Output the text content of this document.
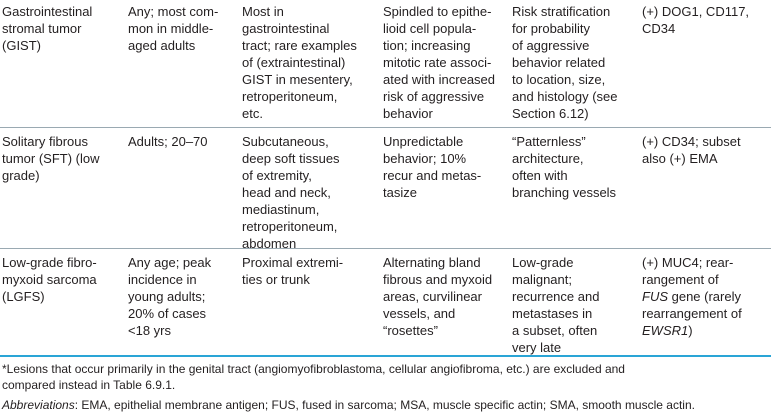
Gastrointestinal
stromal tumor
(GIST)
Any; most com-
mon in middle-
aged adults
Most in
gastrointestinal
tract; rare examples
of (extraintestinal)
GIST in mesentery,
retroperitoneum,
etc.
Spindled to epithe-
lioid cell popula-
tion; increasing
mitotic rate associ-
ated with increased
risk of aggressive
behavior
Risk stratification
for probability
of aggressive
behavior related
to location, size,
and histology (see
Section 6.12)
(+) DOG1, CD117,
CD34
Solitary fibrous
tumor (SFT) (low
grade)
Adults; 20–70	Subcutaneous,
deep soft tissues
of extremity,
head and neck,
mediastinum,
retroperitoneum,
abdomen
Unpredictable
behavior; 10%
recur and metas-
tasize
“Patternless”
architecture,
often with
branching vessels
(+) CD34; subset
also (+) EMA
Low-grade fibro-
myxoid sarcoma
(LGFS)
Any age; peak
incidence in
young adults;
20% of cases
<18 yrs
Proximal extremi-
ties or trunk
Alternating bland
fibrous and myxoid
areas, curvilinear
vessels, and
“rosettes”
Low-grade
malignant;
recurrence and
metastases in
a subset, often
very late
(+) MUC4; rear-
rangement of
FUS gene (rarely
rearrangement of
EWSR1)
*Lesions that occur primarily in the genital tract (angiomyofibroblastoma, cellular angiofibroma, etc.) are excluded and
compared instead in Table 6.9.1.
Abbreviations: EMA, epithelial membrane antigen; FUS, fused in sarcoma; MSA, muscle specific actin; SMA, smooth muscle actin.
